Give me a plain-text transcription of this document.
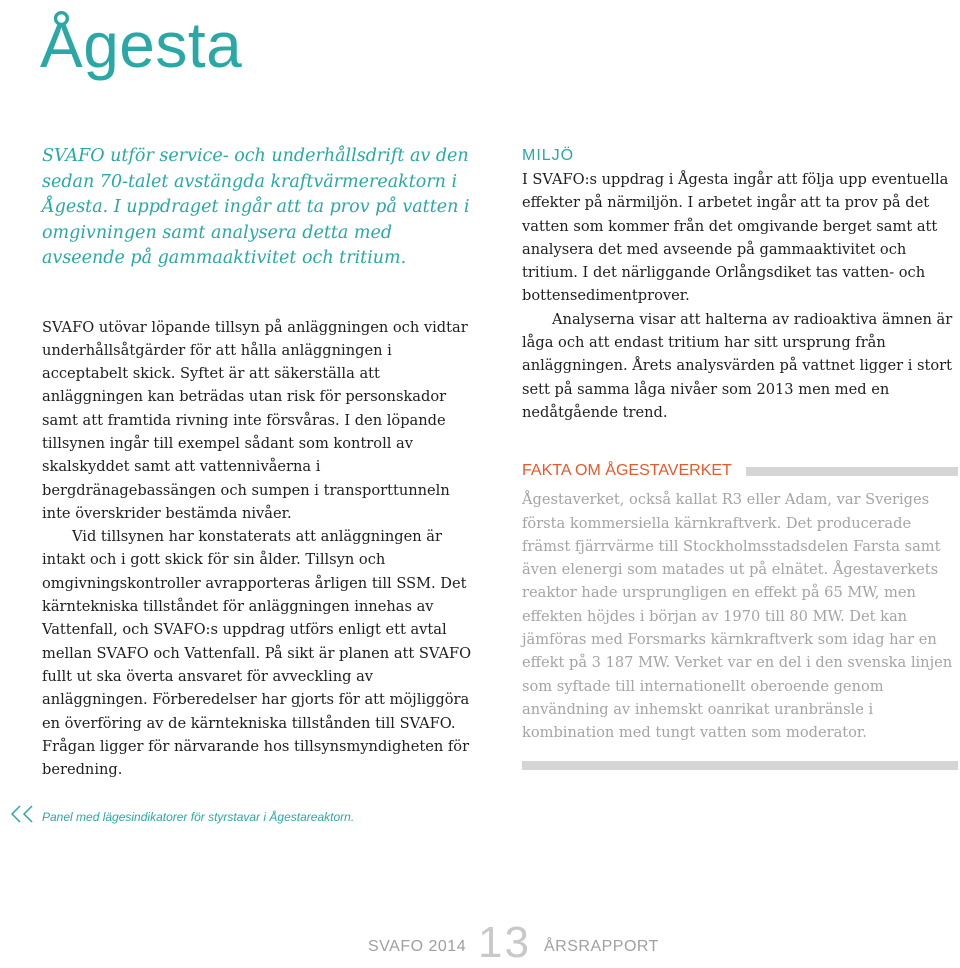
Ågesta

SVAFO utför service- och underhållsdrift av den sedan 70-talet avstängda kraftvärmereaktorn i Ågesta. I uppdraget ingår att ta prov på vatten i omgivningen samt analysera detta med avseende på gammaaktivitet och tritium.

SVAFO utövar löpande tillsyn på anläggningen och vidtar underhållsåtgärder för att hålla anläggningen i acceptabelt skick. Syftet är att säkerställa att anläggningen kan beträdas utan risk för personskador samt att framtida rivning inte försvåras. I den löpande tillsynen ingår till exempel sådant som kontroll av skalskyddet samt att vattennivåerna i bergdränagebassängen och sumpen i transporttunneln inte överskrider bestämda nivåer.

Vid tillsynen har konstaterats att anläggningen är intakt och i gott skick för sin ålder. Tillsyn och omgivningskontroller avrapporteras årligen till SSM. Det kärntekniska tillståndet för anläggningen innehas av Vattenfall, och SVAFO:s uppdrag utförs enligt ett avtal mellan SVAFO och Vattenfall. På sikt är planen att SVAFO fullt ut ska överta ansvaret för avveckling av anläggningen. Förberedelser har gjorts för att möjliggöra en överföring av de kärntekniska tillstånden till SVAFO. Frågan ligger för närvarande hos tillsynsmyndigheten för beredning.

MILJÖ

I SVAFO:s uppdrag i Ågesta ingår att följa upp eventuella effekter på närmiljön. I arbetet ingår att ta prov på det vatten som kommer från det omgivande berget samt att analysera det med avseende på gammaaktivitet och tritium. I det närliggande Orlångsdiket tas vatten- och bottensedimentprover.

Analyserna visar att halterna av radioaktiva ämnen är låga och att endast tritium har sitt ursprung från anläggningen. Årets analysvärden på vattnet ligger i stort sett på samma låga nivåer som 2013 men med en nedåtgående trend.

FAKTA OM ÅGESTAVERKET

Ågestaverket, också kallat R3 eller Adam, var Sveriges första kommersiella kärnkraftverk. Det producerade främst fjärrvärme till Stockholmsstadsdelen Farsta samt även elenergi som matades ut på elnätet. Ågestaverkets reaktor hade ursprungligen en effekt på 65 MW, men effekten höjdes i början av 1970 till 80 MW. Det kan jämföras med Forsmarks kärnkraftverk som idag har en effekt på 3 187 MW. Verket var en del i den svenska linjen som syftade till internationellt oberoende genom användning av inhemskt oanrikat uranbränsle i kombination med tungt vatten som moderator.

Panel med lägesindikatorer för styrstavar i Ågestareaktorn.
SVAFO 2014 13 ÅRSRAPPORT
